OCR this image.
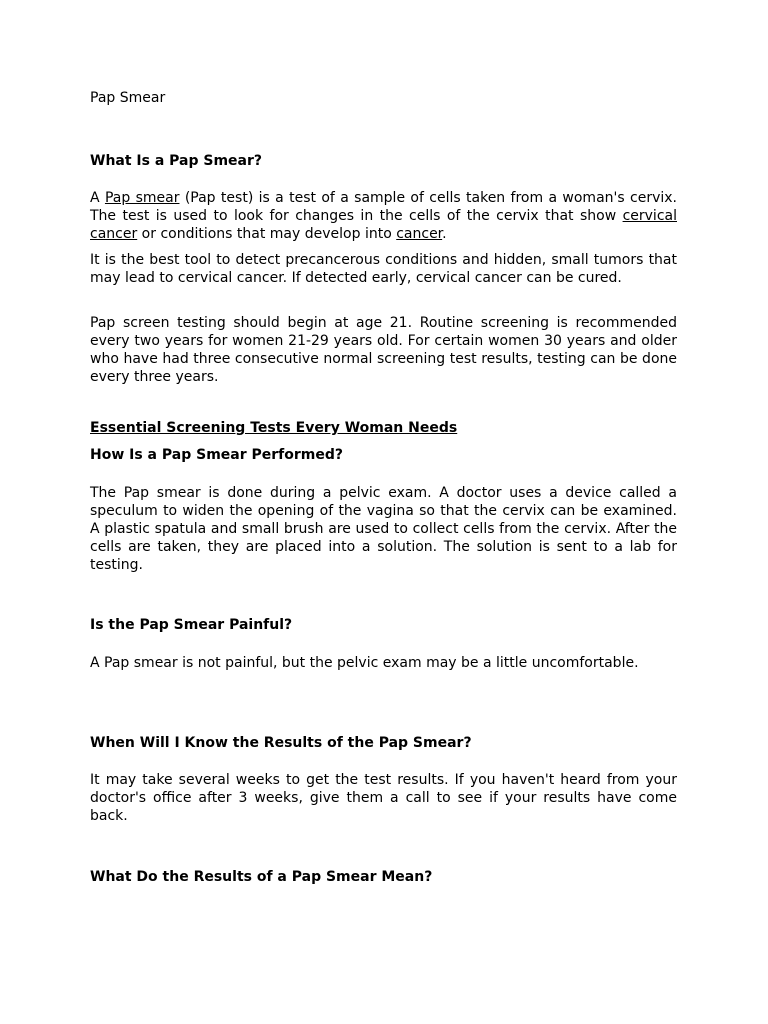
Pap Smear

What Is a Pap Smear?

A Pap smear (Pap test) is a test of a sample of cells taken from a woman's cervix. The test is used to look for changes in the cells of the cervix that show cervical cancer or conditions that may develop into cancer.

It is the best tool to detect precancerous conditions and hidden, small tumors that may lead to cervical cancer. If detected early, cervical cancer can be cured.

Pap screen testing should begin at age 21. Routine screening is recommended every two years for women 21-29 years old. For certain women 30 years and older who have had three consecutive normal screening test results, testing can be done every three years.

Essential Screening Tests Every Woman Needs

How Is a Pap Smear Performed?

The Pap smear is done during a pelvic exam. A doctor uses a device called a speculum to widen the opening of the vagina so that the cervix can be examined. A plastic spatula and small brush are used to collect cells from the cervix. After the cells are taken, they are placed into a solution. The solution is sent to a lab for testing.

Is the Pap Smear Painful?

A Pap smear is not painful, but the pelvic exam may be a little uncomfortable.

When Will I Know the Results of the Pap Smear?

It may take several weeks to get the test results. If you haven't heard from your doctor's office after 3 weeks, give them a call to see if your results have come back.

What Do the Results of a Pap Smear Mean?
